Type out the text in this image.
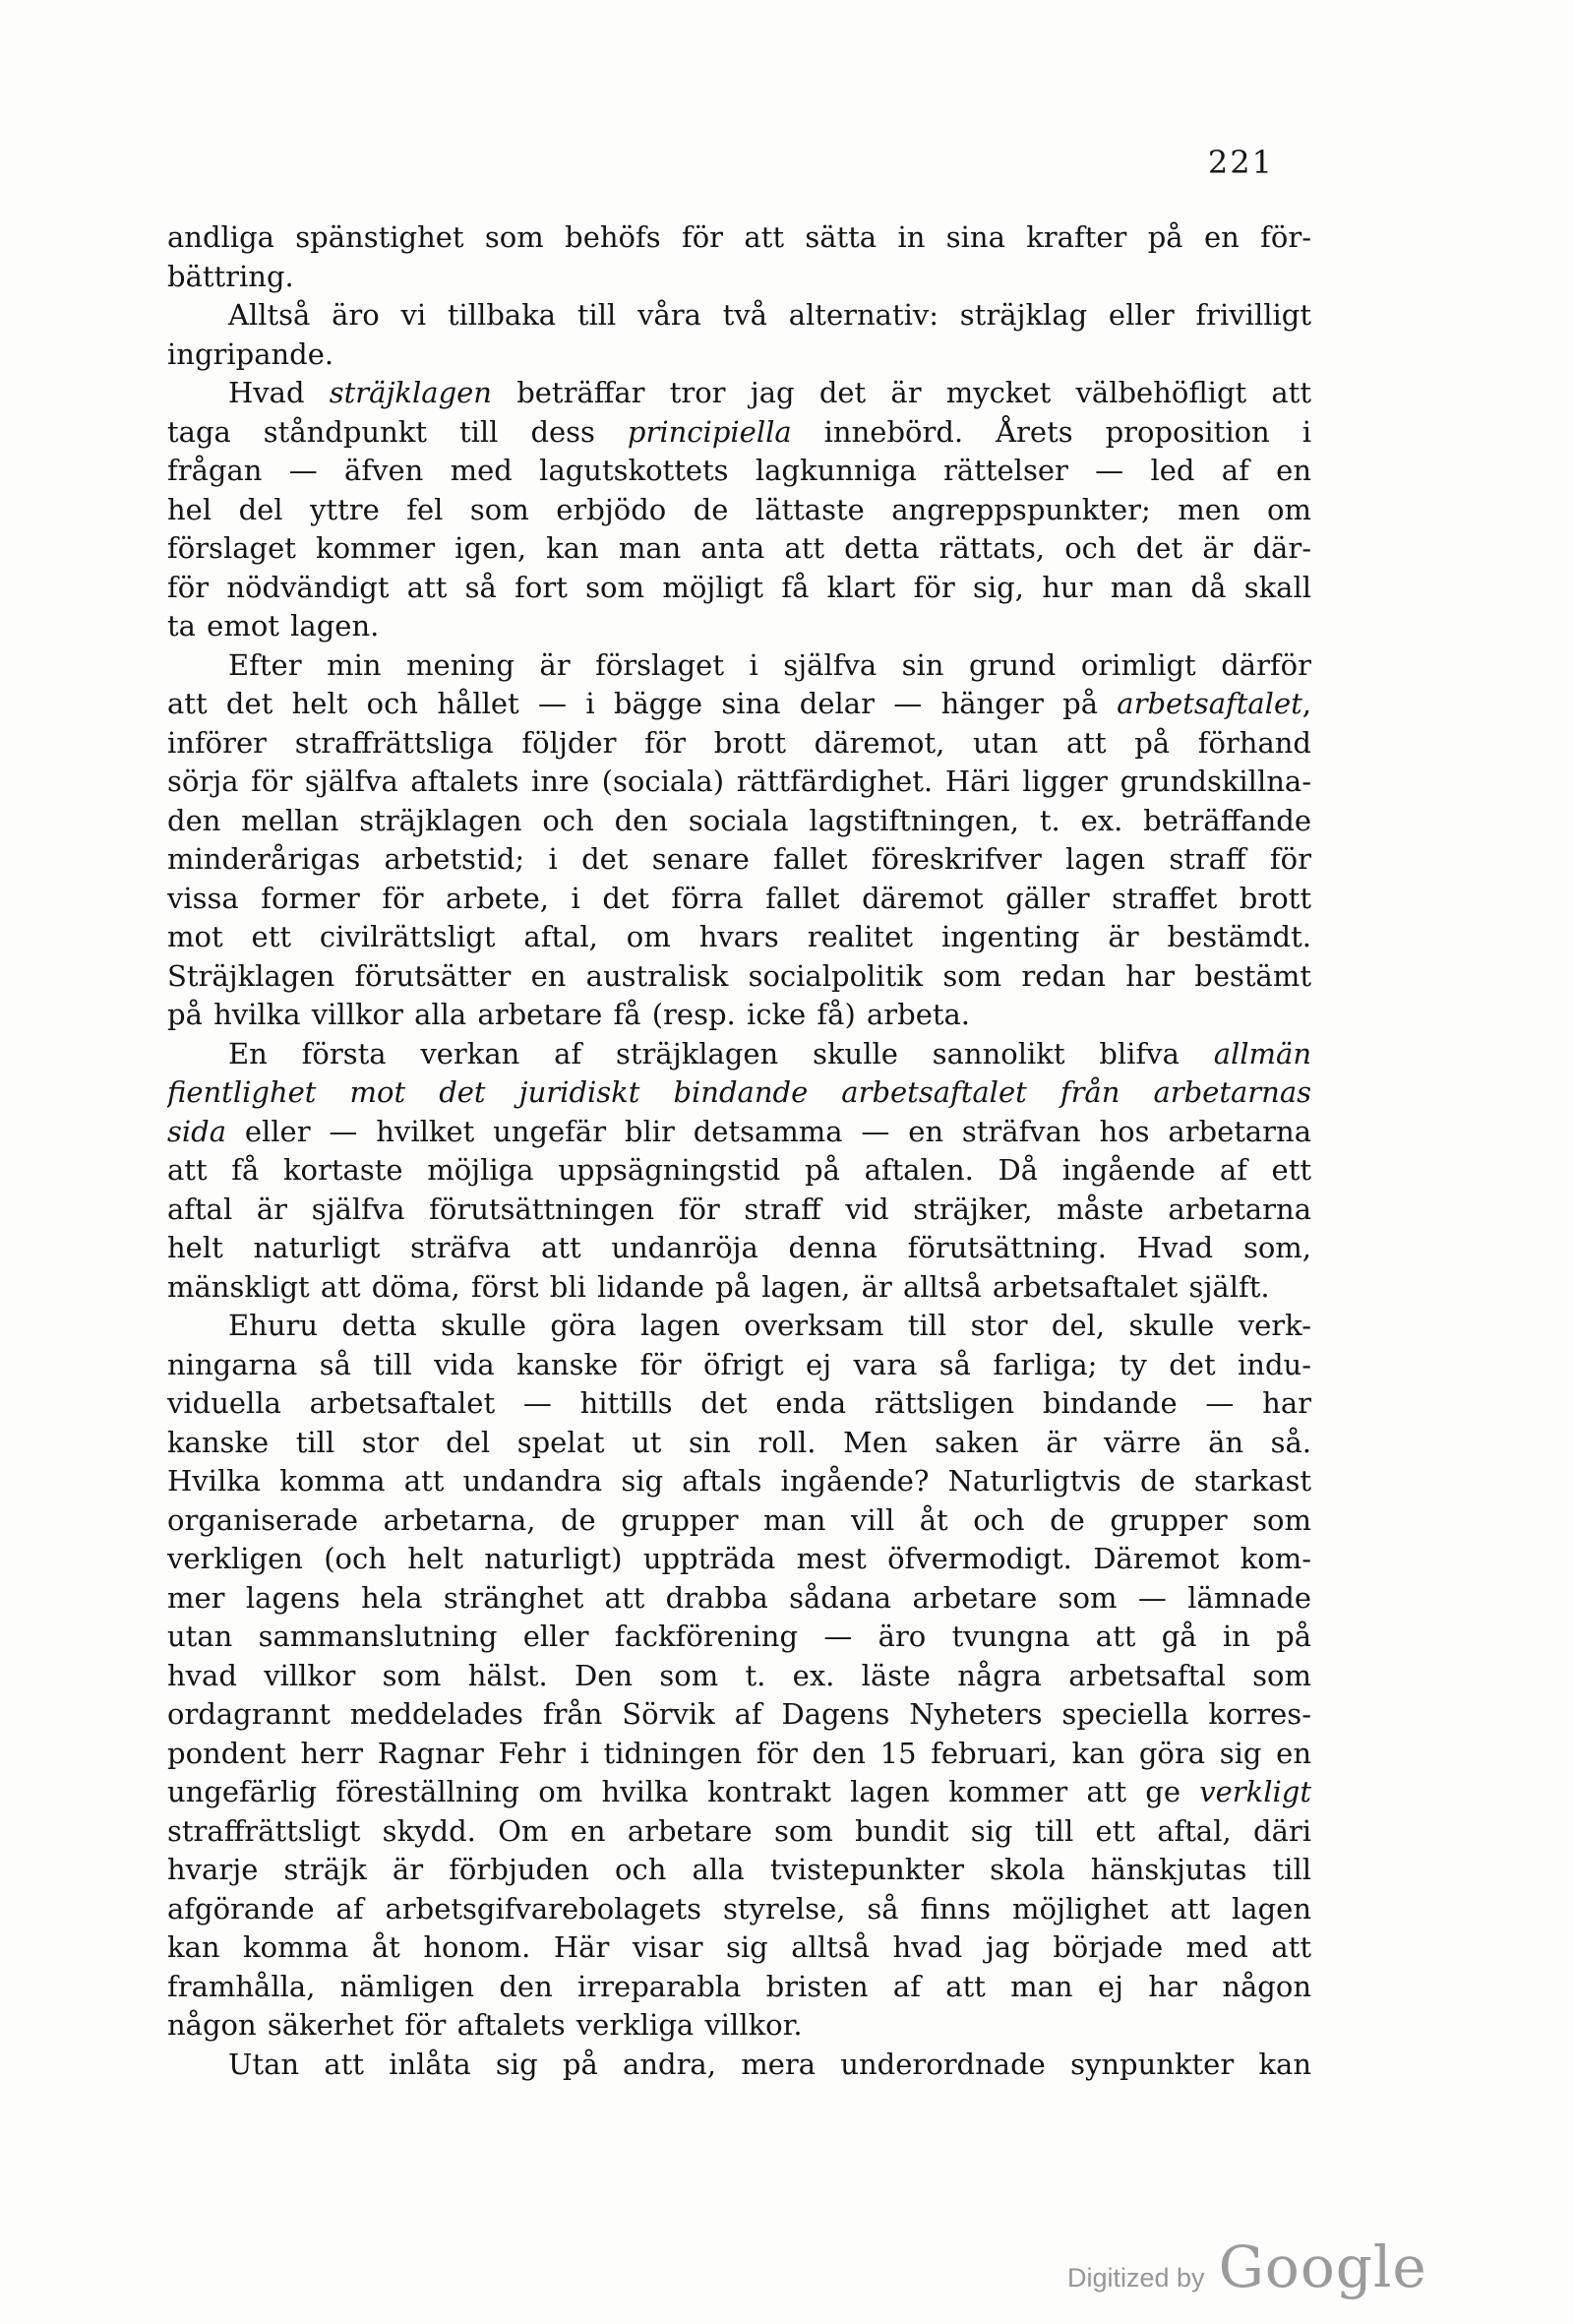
221
andliga spänstighet som behöfs för att sätta in sina krafter på en för-
bättring.
Alltså äro vi tillbaka till våra två alternativ: sträjklag eller frivilligt
ingripande.
Hvad sträjklagen beträffar tror jag det är mycket välbehöfligt att
taga ståndpunkt till dess principiella innebörd. Årets proposition i
frågan — äfven med lagutskottets lagkunniga rättelser — led af en
hel del yttre fel som erbjödo de lättaste angreppspunkter; men om
förslaget kommer igen, kan man anta att detta rättats, och det är där-
för nödvändigt att så fort som möjligt få klart för sig, hur man då skall
ta emot lagen.
Efter min mening är förslaget i själfva sin grund orimligt därför
att det helt och hållet — i bägge sina delar — hänger på arbetsaftalet,
införer straffrättsliga följder för brott däremot, utan att på förhand
sörja för själfva aftalets inre (sociala) rättfärdighet. Häri ligger grundskillna-
den mellan sträjklagen och den sociala lagstiftningen, t. ex. beträffande
minderårigas arbetstid; i det senare fallet föreskrifver lagen straff för
vissa former för arbete, i det förra fallet däremot gäller straffet brott
mot ett civilrättsligt aftal, om hvars realitet ingenting är bestämdt.
Sträjklagen förutsätter en australisk socialpolitik som redan har bestämt
på hvilka villkor alla arbetare få (resp. icke få) arbeta.
En första verkan af sträjklagen skulle sannolikt blifva allmän
fientlighet mot det juridiskt bindande arbetsaftalet från arbetarnas
sida eller — hvilket ungefär blir detsamma — en sträfvan hos arbetarna
att få kortaste möjliga uppsägningstid på aftalen. Då ingående af ett
aftal är själfva förutsättningen för straff vid sträjker, måste arbetarna
helt naturligt sträfva att undanröja denna förutsättning. Hvad som,
mänskligt att döma, först bli lidande på lagen, är alltså arbetsaftalet själft.
Ehuru detta skulle göra lagen overksam till stor del, skulle verk-
ningarna så till vida kanske för öfrigt ej vara så farliga; ty det indu-
viduella arbetsaftalet — hittills det enda rättsligen bindande — har
kanske till stor del spelat ut sin roll. Men saken är värre än så.
Hvilka komma att undandra sig aftals ingående? Naturligtvis de starkast
organiserade arbetarna, de grupper man vill åt och de grupper som
verkligen (och helt naturligt) uppträda mest öfvermodigt. Däremot kom-
mer lagens hela stränghet att drabba sådana arbetare som — lämnade
utan sammanslutning eller fackförening — äro tvungna att gå in på
hvad villkor som hälst. Den som t. ex. läste några arbetsaftal som
ordagrannt meddelades från Sörvik af Dagens Nyheters speciella korres-
pondent herr Ragnar Fehr i tidningen för den 15 februari, kan göra sig en
ungefärlig föreställning om hvilka kontrakt lagen kommer att ge verkligt
straffrättsligt skydd. Om en arbetare som bundit sig till ett aftal, däri
hvarje sträjk är förbjuden och alla tvistepunkter skola hänskjutas till
afgörande af arbetsgifvarebolagets styrelse, så finns möjlighet att lagen
kan komma åt honom. Här visar sig alltså hvad jag började med att
framhålla, nämligen den irreparabla bristen af att man ej har någon
någon säkerhet för aftalets verkliga villkor.
Utan att inlåta sig på andra, mera underordnade synpunkter kan
Digitized by Google
